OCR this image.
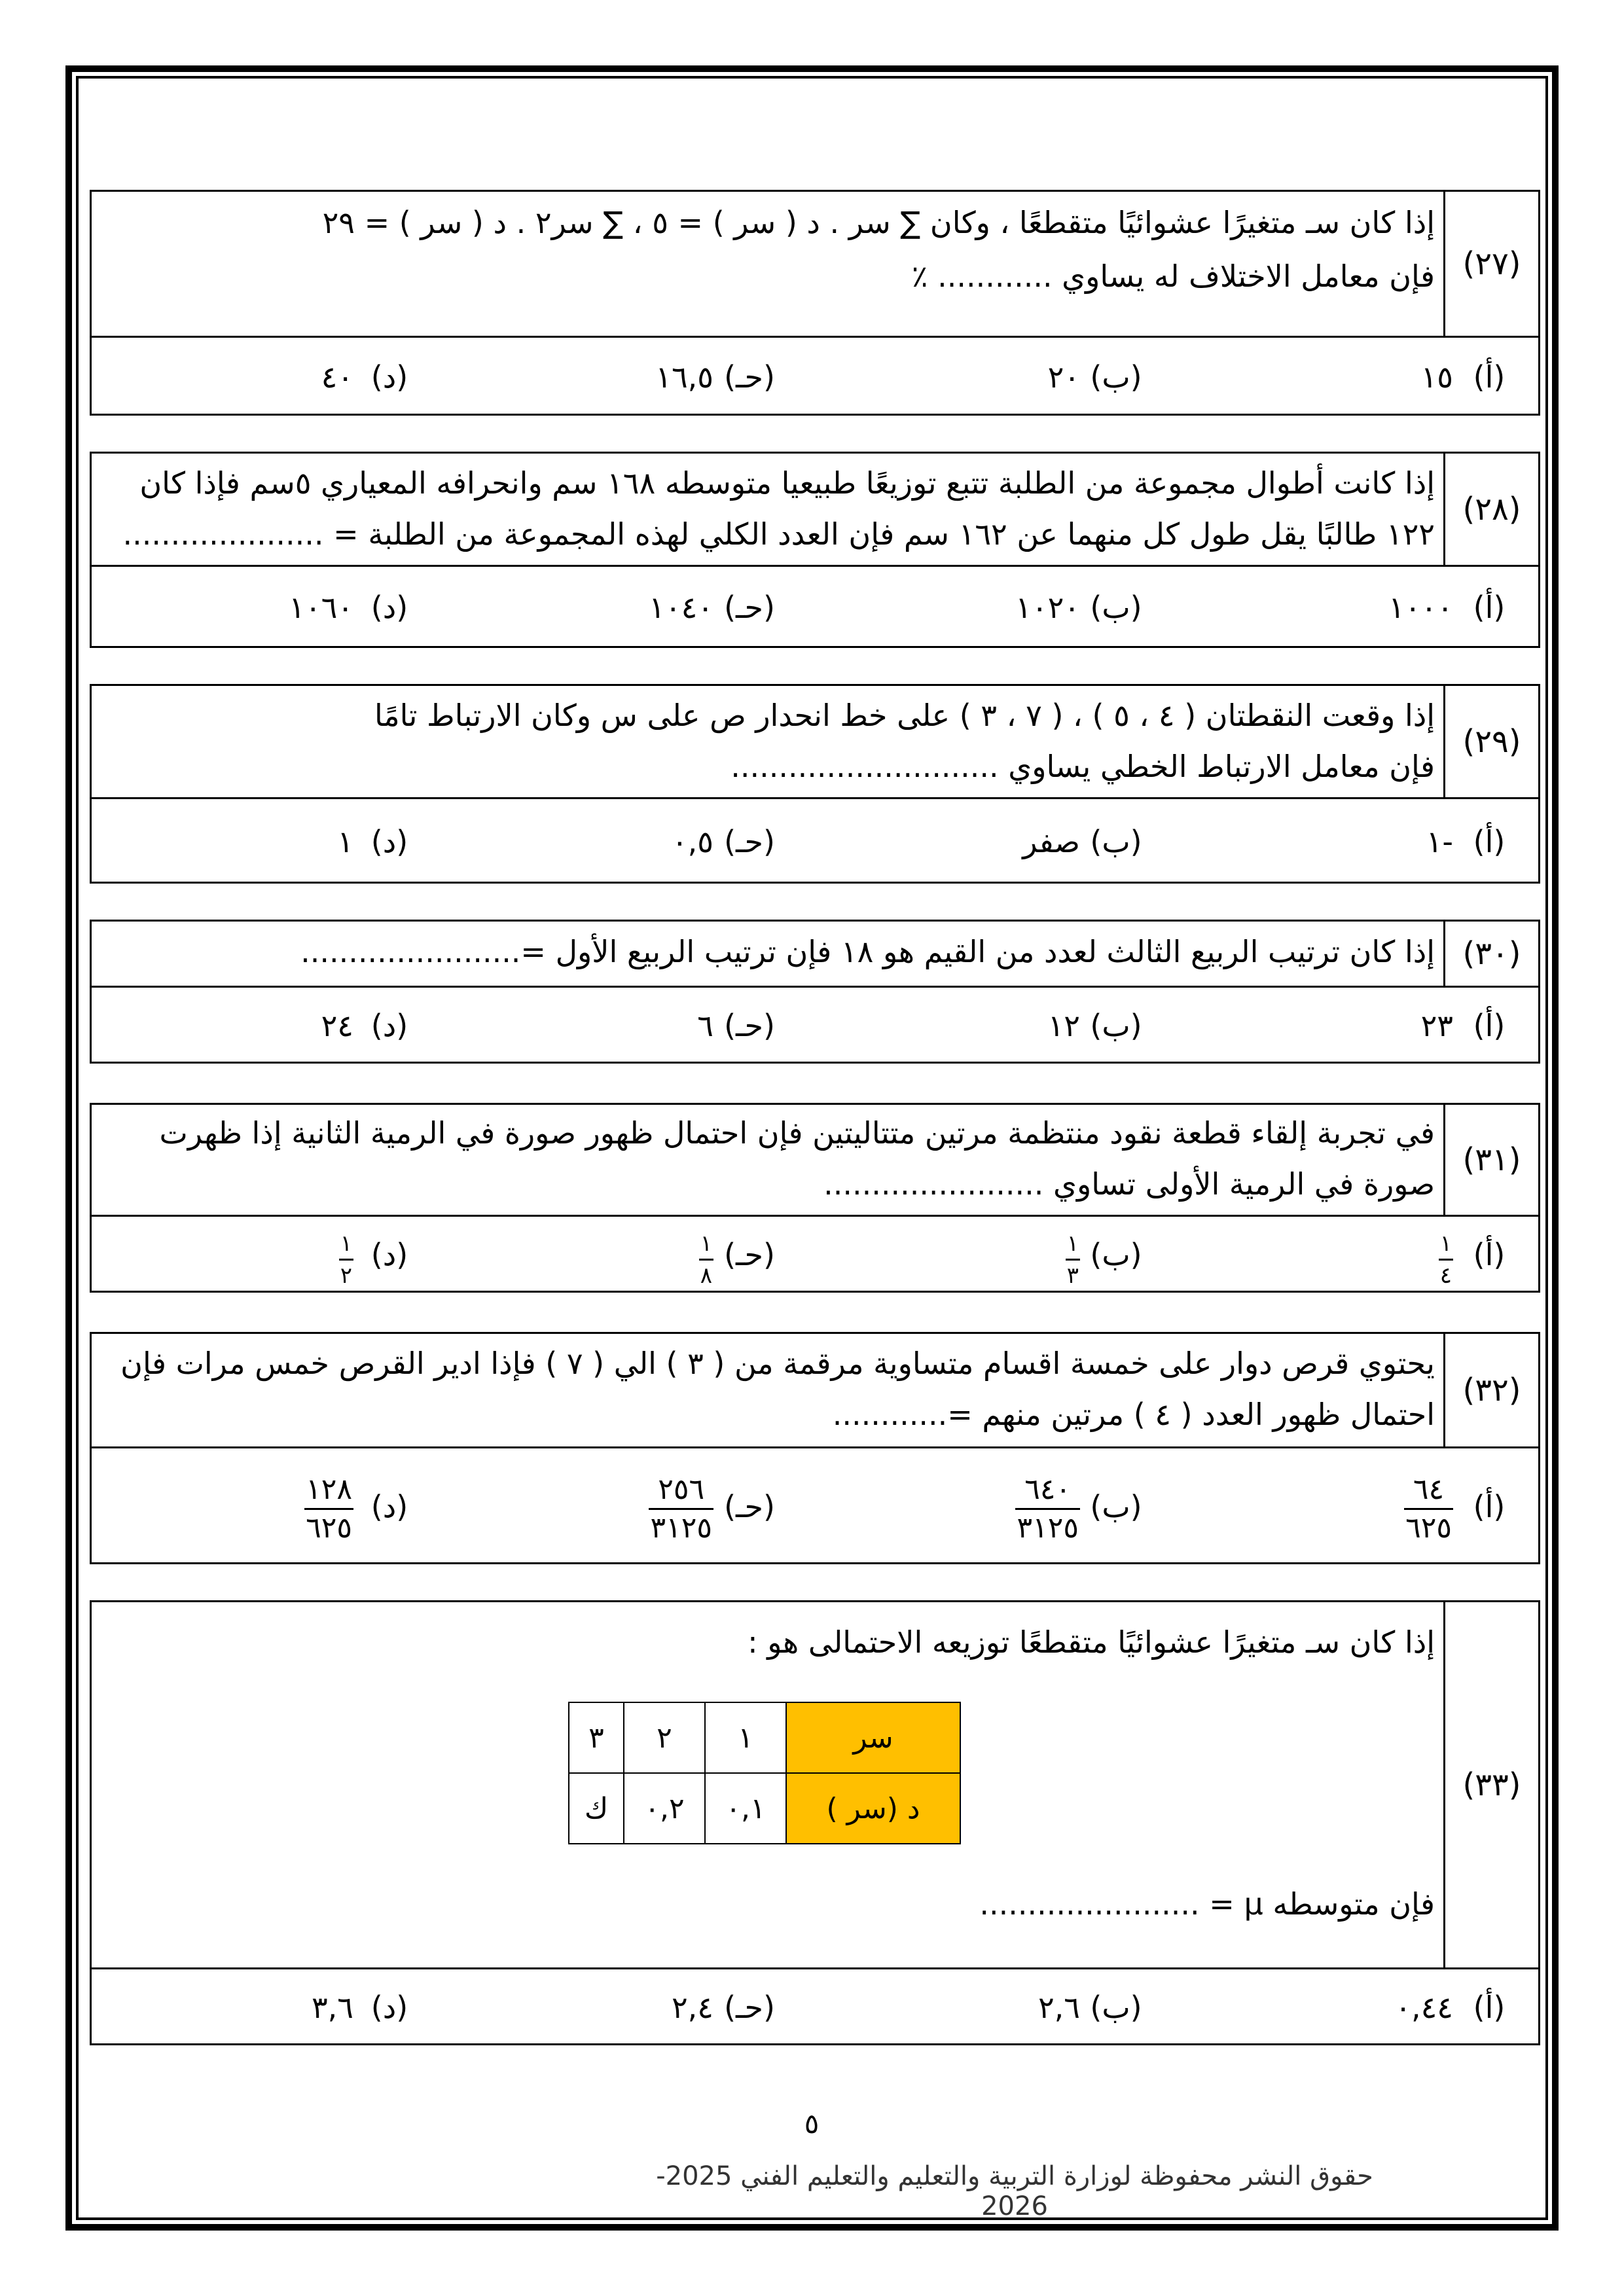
إذا كان سـ متغيرًا عشوائيًا متقطعًا ، وكان ∑ سر . د ( سر ) = ٥ ، ∑ سر٢ . د ( سر ) = ٢٩
فإن معامل الاختلاف له يساوي ............ ٪ (٢٧)
(أ)
١٥
(ب)
٢٠
(حـ)
١٦,٥
(د)
٤٠
إذا كانت أطوال مجموعة من الطلبة تتبع توزيعًا طبيعيا متوسطه ١٦٨ سم وانحرافه المعياري ٥سم فإذا كان
١٢٢ طالبًا يقل طول كل منهما عن ١٦٢ سم فإن العدد الكلي لهذه المجموعة من الطلبة = .....................
(٢٨)
(أ)
١٠٠٠
(ب)
١٠٢٠
(حـ)
١٠٤٠
(د)
١٠٦٠
إذا وقعت النقطتان ( ٤ ، ٥ ) ، ( ٧ ، ٣ ) على خط انحدار ص على س وكان الارتباط تامًا
فإن معامل الارتباط الخطي يساوي ............................
(٢٩)
(أ)
-١
(ب)
صفر
(حـ)
٠,٥
(د)
١
إذا كان ترتيب الربيع الثالث لعدد من القيم هو ١٨ فإن ترتيب الربيع الأول =....................... (٣٠)
(أ)
٢٣
(ب)
١٢
(حـ)
٦
(د)
٢٤
في تجربة إلقاء قطعة نقود منتظمة مرتين متتاليتين فإن احتمال ظهور صورة في الرمية الثانية إذا ظهرت
صورة في الرمية الأولى تساوي .......................
(٣١)
(أ)
$\frac{١}{٤}$
(ب)
$\frac{١}{٣}$
(حـ)
$\frac{١}{٨}$
(د)
$\frac{١}{٢}$
يحتوي قرص دوار على خمسة اقسام متساوية مرقمة من ( ٣ ) الي ( ٧ ) فإذا ادير القرص خمس مرات فإن
احتمال ظهور العدد ( ٤ ) مرتين منهم =............
(٣٢)
(أ)
$\frac{٦٤}{٦٢٥}$
(ب)
$\frac{٦٤٠}{٣١٢٥}$
(حـ)
$\frac{٢٥٦}{٣١٢٥}$
(د)
$\frac{١٢٨}{٦٢٥}$
إذا كان سـ متغيرًا عشوائيًا متقطعًا توزيعه الاحتمالى هو :
سر	١	٢	٣
د (سر )	٠,١	٠,٢	ك
فإن متوسطه μ = .......................
(٣٣)
(أ)
٠,٤٤
(ب)
٢,٦
(حـ)
٢,٤
(د)
٣,٦
٥
حقوق النشر محفوظة لوزارة التربية والتعليم والتعليم الفني 2025-2026
